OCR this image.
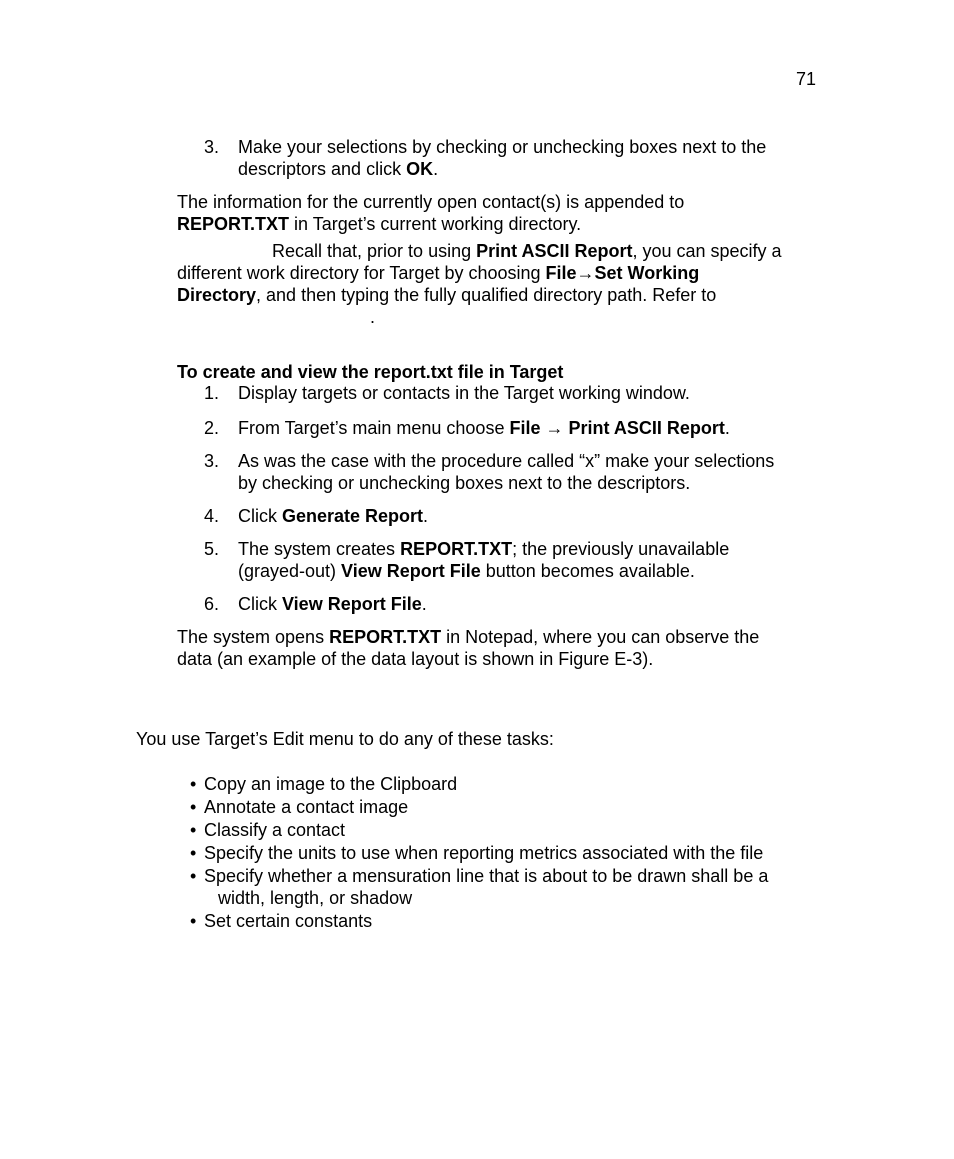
71
3.	Make your selections by checking or unchecking boxes next to the
descriptors and click OK.
The information for the currently open contact(s) is appended to
REPORT.TXT in Target’s current working directory.
Recall that, prior to using Print ASCII Report, you can specify a
different work directory for Target by choosing File→Set Working
Directory, and then typing the fully qualified directory path. Refer to
.
To create and view the report.txt file in Target
1.	Display targets or contacts in the Target working window.
2.	From Target’s main menu choose File → Print ASCII Report.
3.	As was the case with the procedure called “x” make your selections
by checking or unchecking boxes next to the descriptors.
4.	Click Generate Report.
5.	The system creates REPORT.TXT; the previously unavailable
(grayed-out) View Report File button becomes available.
6.	Click View Report File.
The system opens REPORT.TXT in Notepad, where you can observe the
data (an example of the data layout is shown in Figure E-3).
You use Target’s Edit menu to do any of these tasks:
• Copy an image to the Clipboard
• Annotate a contact image
• Classify a contact
• Specify the units to use when reporting metrics associated with the file
• Specify whether a mensuration line that is about to be drawn shall be a
width, length, or shadow
• Set certain constants
